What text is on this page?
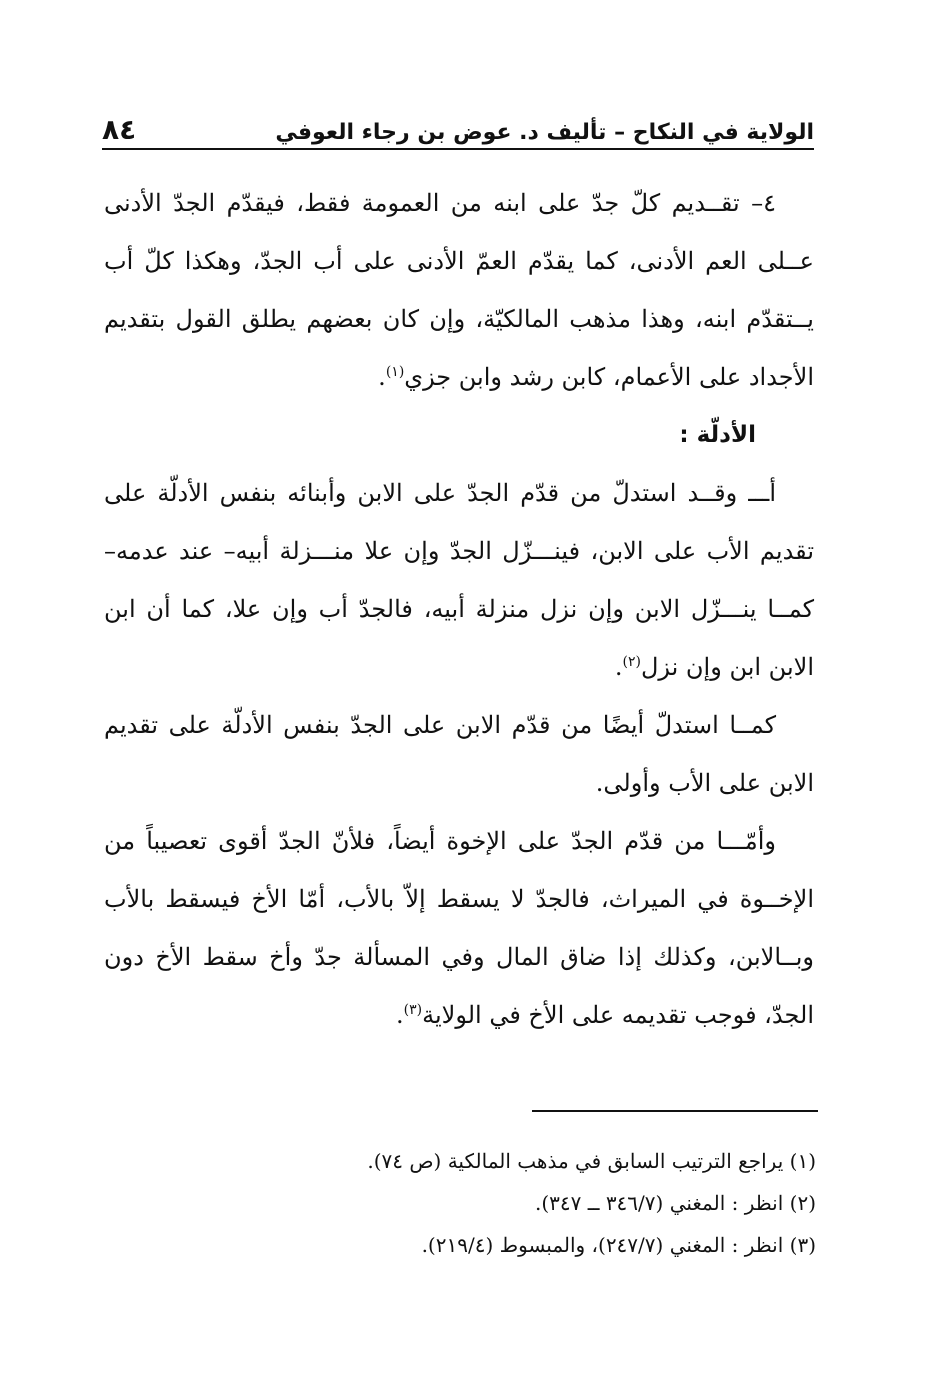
الولاية في النكاح – تأليف د. عوض بن رجاء العوفي
٨٤

٤– تقــدیم كلّ جدّ على ابنه من العمومة فقط، فيقدّم الجدّ الأدنى عــلى العم الأدنى، كما يقدّم العمّ الأدنى على أب الجدّ، وهكذا كلّ أب يــتقدّم ابنه، وهذا مذهب المالكيّة، وإن كان بعضهم يطلق القول بتقديم الأجداد على الأعمام، كابن رشد وابن جزي$^{(١)}$.

الأدلّة :

أـــ وقــد استدلّ من قدّم الجدّ على الابن وأبنائه بنفس الأدلّة على تقديم الأب على الابن، فينـــزّل الجدّ وإن علا منـــزلة أبيه– عند عدمه– كمــا ينـــزّل الابن وإن نزل منزلة أبيه، فالجدّ أب وإن علا، كما أن ابن الابن ابن وإن نزل$^{(٢)}$.

كمــا استدلّ أيضًا من قدّم الابن على الجدّ بنفس الأدلّة على تقديم الابن على الأب وأولى.

وأمّـــا من قدّم الجدّ على الإخوة أيضاً، فلأنّ الجدّ أقوى تعصيباً من الإخــوة في الميراث، فالجدّ لا يسقط إلاّ بالأب، أمّا الأخ فيسقط بالأب وبــالابن، وكذلك إذا ضاق المال وفي المسألة جدّ وأخ سقط الأخ دون الجدّ، فوجب تقديمه على الأخ في الولاية$^{(٣)}$.

(١) يراجع الترتيب السابق في مذهب المالكية (ص ٧٤).

(٢) انظر : المغني (٣٤٦/٧ ــ ٣٤٧).

(٣) انظر : المغني (٢٤٧/٧)، والمبسوط (٢١٩/٤).
